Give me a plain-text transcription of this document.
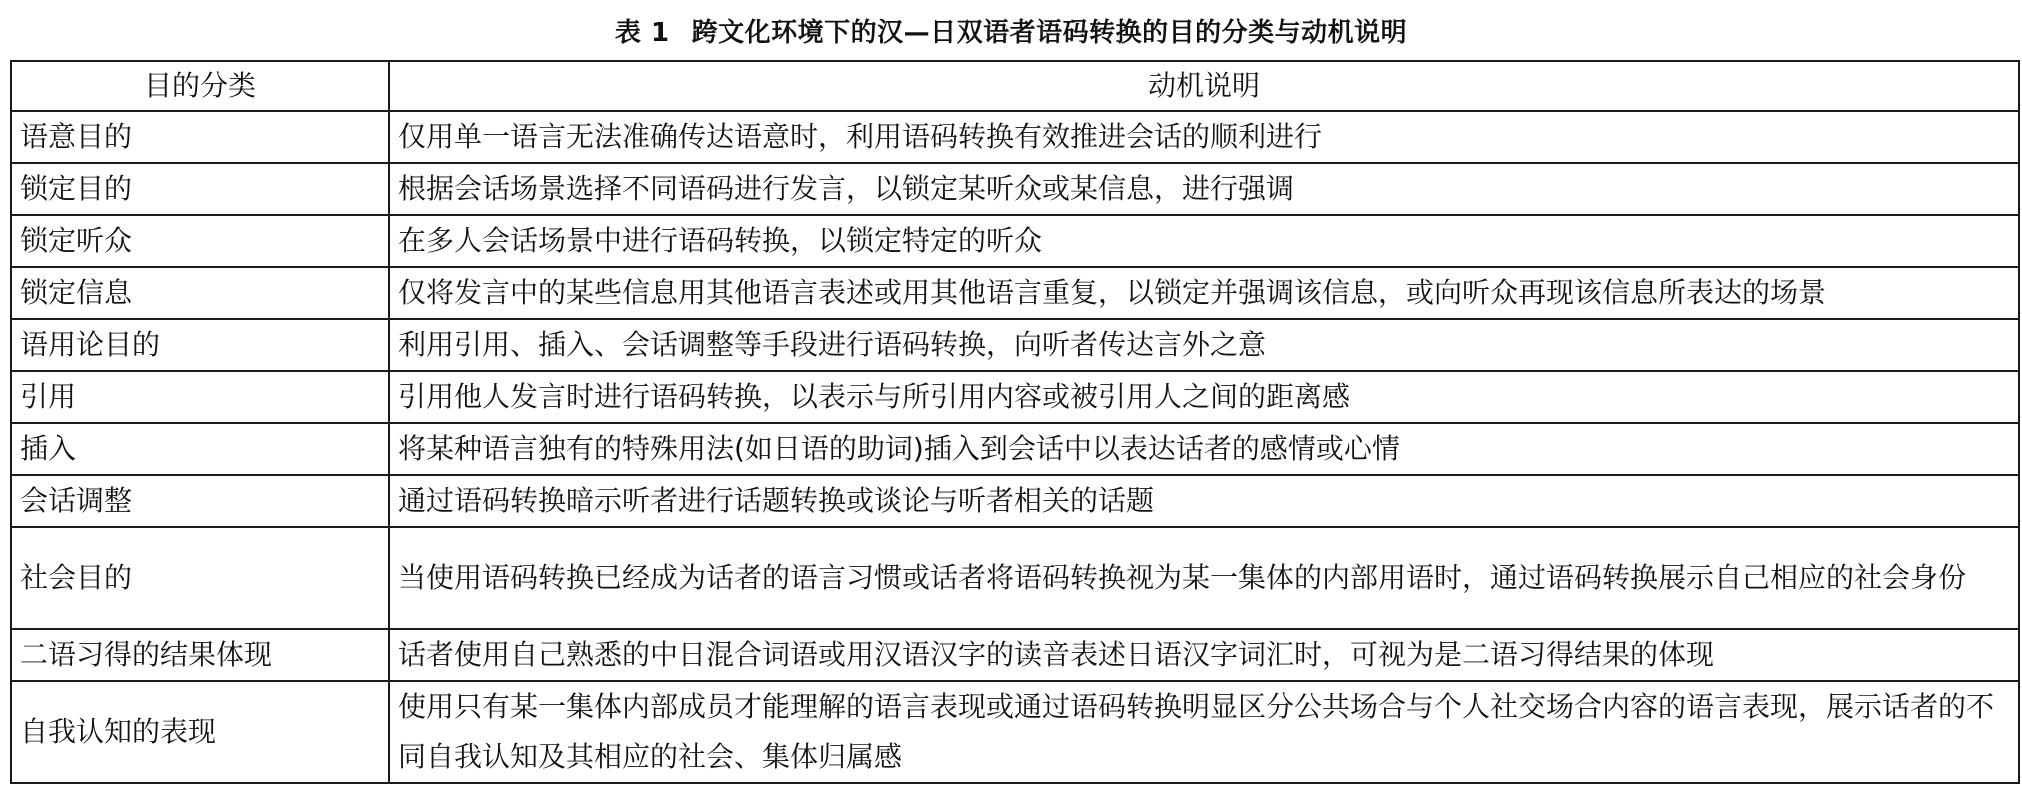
表 1 跨文化环境下的汉—日双语者语码转换的目的分类与动机说明
目的分类	动机说明
语意目的	仅用单一语言无法准确传达语意时，利用语码转换有效推进会话的顺利进行
锁定目的	根据会话场景选择不同语码进行发言，以锁定某听众或某信息，进行强调
锁定听众	在多人会话场景中进行语码转换，以锁定特定的听众
锁定信息	仅将发言中的某些信息用其他语言表述或用其他语言重复，以锁定并强调该信息，或向听众再现该信息所表达的场景
语用论目的	利用引用、插入、会话调整等手段进行语码转换，向听者传达言外之意
引用	引用他人发言时进行语码转换，以表示与所引用内容或被引用人之间的距离感
插入	将某种语言独有的特殊用法(如日语的助词)插入到会话中以表达话者的感情或心情
会话调整	通过语码转换暗示听者进行话题转换或谈论与听者相关的话题
社会目的	当使用语码转换已经成为话者的语言习惯或话者将语码转换视为某一集体的内部用语时，通过语码转换展示自己相应的社会身份
二语习得的结果体现	话者使用自己熟悉的中日混合词语或用汉语汉字的读音表述日语汉字词汇时，可视为是二语习得结果的体现
自我认知的表现	使用只有某一集体内部成员才能理解的语言表现或通过语码转换明显区分公共场合与个人社交场合内容的语言表现，展示话者的不同自我认知及其相应的社会、集体归属感
